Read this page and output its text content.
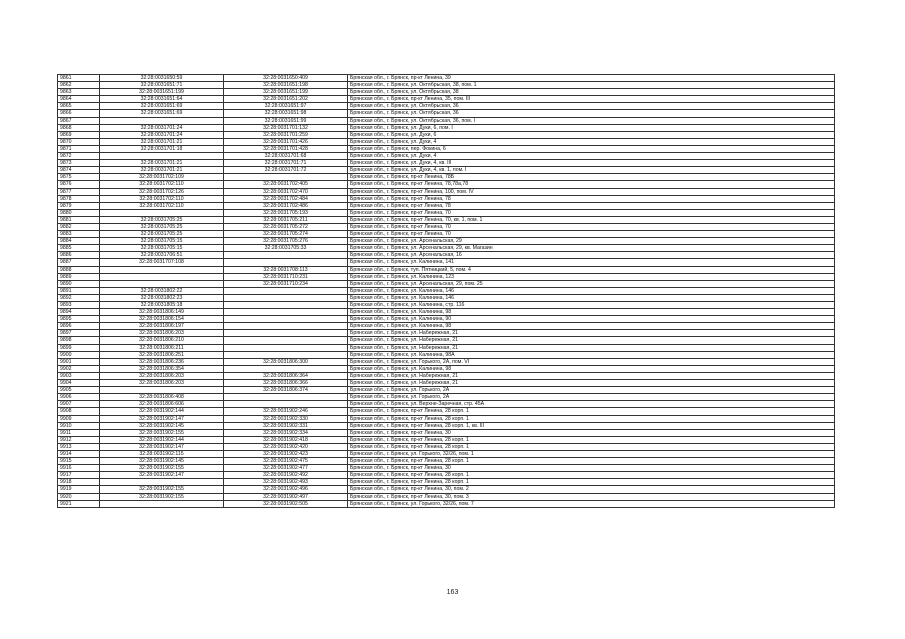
9861	32:28:0031650:59	32:28:0031650:409	Брянская обл., г. Брянск, пр-кт Ленина, 39
9862	32:28:0031651:71	32:28:0031651:198	Брянская обл., г. Брянск, ул. Октябрьская, 38, пом. 1
9863	32:28:0031651:199	32:28:0031651:199	Брянская обл., г. Брянск, ул. Октябрьская, 38
9864	32:28:0031651:64	32:28:0031651:202	Брянская обл., г. Брянск, пр-кт Ленина, 35, пом. III
9865	32:28:0031651:69	32:28:0031651:97	Брянская обл., г. Брянск, ул. Октябрьская, 36
9866	32:28:0031651:69	32:28:0031651:98	Брянская обл., г. Брянск, ул. Октябрьская, 36
9867		32:28:0031651:99	Брянская обл., г. Брянск, ул. Октябрьская, 36, пом. I
9868	32:28:0031701:24	32:28:0031701:132	Брянская обл., г. Брянск, ул. Дуки, 6, пом. I
9869	32:28:0031701:24	32:28:0031701:259	Брянская обл., г. Брянск, ул. Дуки, 6
9870	32:28:0031701:21	32:28:0031701:426	Брянская обл., г. Брянск, ул. Дуки, 4
9871	32:28:0031701:18	32:28:0031701:428	Брянская обл., г. Брянск, пер. Фокина, 6
9872		32:28:0031701:68	Брянская обл., г. Брянск, ул. Дуки, 4
9873	32:28:0031701:21	32:28:0031701:71	Брянская обл., г. Брянск, ул. Дуки, 4, кв. III
9874	32:28:0031701:21	32:28:0031701:72	Брянская обл., г. Брянск, ул. Дуки, 4, кв. 1, пом. I
9875	32:28:0031702:109		Брянская обл., г. Брянск, пр-кт Ленина, 78Б
9876	32:28:0031702:110	32:28:0031702:405	Брянская обл., г. Брянск, пр-кт Ленина, 78,78а,78
9877	32:28:0031702:126	32:28:0031702:470	Брянская обл., г. Брянск, пр-кт Ленина, 100, пом. IV
9878	32:28:0031702:110	32:28:0031702:484	Брянская обл., г. Брянск, пр-кт Ленина, 78
9879	32:28:0031702:110	32:28:0031702:486	Брянская обл., г. Брянск, пр-кт Ленина, 78
9880		32:28:0031705:193	Брянская обл., г. Брянск, пр-кт Ленина, 70
9881	32:28:0031705:25	32:28:0031705:211	Брянская обл., г. Брянск, пр-кт Ленина, 70, кв. 1, пом. 1
9882	32:28:0031705:25	32:28:0031705:272	Брянская обл., г. Брянск, пр-кт Ленина, 70
9883	32:28:0031705:25	32:28:0031705:274	Брянская обл., г. Брянск, пр-кт Ленина, 70
9884	32:28:0031705:15	32:28:0031705:276	Брянская обл., г. Брянск, ул. Арсенальская, 29
9885	32:28:0031705:15	32:28:0031705:33	Брянская обл., г. Брянск, ул. Арсенальская, 29, кв. Магазин
9886	32:28:0031706:51		Брянская обл., г. Брянск, ул. Арсенальская, 16
9887	32:28:0031707:108		Брянская обл., г. Брянск, ул. Калинина, 141
9888		32:28:0031708:113	Брянская обл., г. Брянск, туп. Пятницкий, 5, пом. 4
9889		32:28:0031710:231	Брянская обл., г. Брянск, ул. Калинина, 123
9890		32:28:0031710:234	Брянская обл., г. Брянск, ул. Арсенальская, 29, пом. 25
9891	32:28:0031802:22		Брянская обл., г. Брянск, ул. Калинина, 146
9892	32:28:0031802:23		Брянская обл., г. Брянск, ул. Калинина, 146
9893	32:28:0031805:18		Брянская обл., г. Брянск, ул. Калинина, стр. 116
9894	32:28:0031806:149		Брянская обл., г. Брянск, ул. Калинина, 98
9895	32:28:0031806:154		Брянская обл., г. Брянск, ул. Калинина, 90
9896	32:28:0031806:197		Брянская обл., г. Брянск, ул. Калинина, 98
9897	32:28:0031806:203		Брянская обл., г. Брянск, ул. Набережная, 21
9898	32:28:0031806:210		Брянская обл., г. Брянск, ул. Набережная, 21
9899	32:28:0031806:211		Брянская обл., г. Брянск, ул. Набережная, 21
9900	32:28:0031806:251		Брянская обл., г. Брянск, ул. Калинина, 98А
9901	32:28:0031806:236	32:28:0031806:300	Брянская обл., г. Брянск, ул. Горького, 2А, пом. VI
9902	32:28:0031806:354		Брянская обл., г. Брянск, ул. Калинина, 98
9903	32:28:0031806:203	32:28:0031806:364	Брянская обл., г. Брянск, ул. Набережная, 21
9904	32:28:0031806:203	32:28:0031806:366	Брянская обл., г. Брянск, ул. Набережная, 21
9905		32:28:0031806:374	Брянская обл., г. Брянск, ул. Горького, 2А
9906	32:28:0031806:408		Брянская обл., г. Брянск, ул. Горького, 2А
9907	32:28:0031806:606		Брянская обл., г. Брянск, ул. Верхне-Заречная, стр. 45А
9908	32:28:0031902:144	32:28:0031902:246	Брянская обл., г. Брянск, пр-кт Ленина, 28 корп. 1
9909	32:28:0031902:147	32:28:0031902:330	Брянская обл., г. Брянск, пр-кт Ленина, 28 корп. 1
9910	32:28:0031902:145	32:28:0031902:331	Брянская обл., г. Брянск, пр-кт Ленина, 28 корп. 1, кв. III
9911	32:28:0031902:155	32:28:0031902:334	Брянская обл., г. Брянск, пр-кт Ленина, 30
9912	32:28:0031902:144	32:28:0031902:418	Брянская обл., г. Брянск, пр-кт Ленина, 28 корп. 1
9913	32:28:0031902:147	32:28:0031902:420	Брянская обл., г. Брянск, пр-кт Ленина, 28 корп. 1
9914	32:28:0031902:115	32:28:0031902:423	Брянская обл., г. Брянск, ул. Горького, 32/26, пом. 1
9915	32:28:0031902:145	32:28:0031902:475	Брянская обл., г. Брянск, пр-кт Ленина, 28 корп. 1
9916	32:28:0031902:155	32:28:0031902:477	Брянская обл., г. Брянск, пр-кт Ленина, 30
9917	32:28:0031902:147	32:28:0031902:492	Брянская обл., г. Брянск, пр-кт Ленина, 28 корп. 1
9918		32:28:0031902:493	Брянская обл., г. Брянск, пр-кт Ленина, 28 корп. 1
9919	32:28:0031902:155	32:28:0031902:496	Брянская обл., г. Брянск, пр-кт Ленина, 30, пом. 2
9920	32:28:0031902:155	32:28:0031902:497	Брянская обл., г. Брянск, пр-кт Ленина, 30, пом. 3
9921		32:28:0031902:505	Брянская обл., г. Брянск, ул. Горького, 32/26, пом. 7
163
